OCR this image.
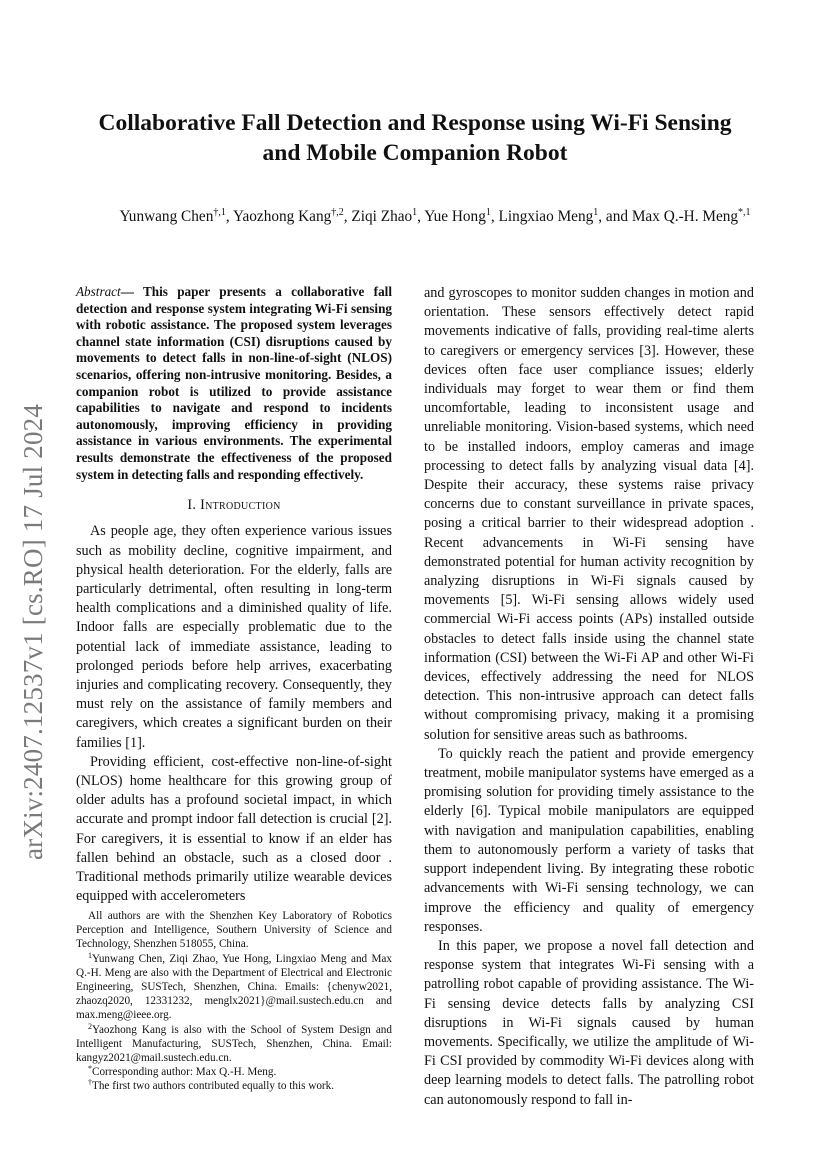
arXiv:2407.12537v1 [cs.RO] 17 Jul 2024
Collaborative Fall Detection and Response using Wi-Fi Sensing
and Mobile Companion Robot
Yunwang Chen$^{\dagger,1}$, Yaozhong Kang$^{\dagger,2}$, Ziqi Zhao$^1$, Yue Hong$^1$, Lingxiao Meng$^1$, and Max Q.-H. Meng$^{*,1}$

Abstract— This paper presents a collaborative fall detection and response system integrating Wi-Fi sensing with robotic assistance. The proposed system leverages channel state information (CSI) disruptions caused by movements to detect falls in non-line-of-sight (NLOS) scenarios, offering non-intrusive monitoring. Besides, a companion robot is utilized to provide assistance capabilities to navigate and respond to incidents autonomously, improving efficiency in providing assistance in various environments. The experimental results demonstrate the effectiveness of the proposed system in detecting falls and responding effectively.

I. Introduction

As people age, they often experience various issues such as mobility decline, cognitive impairment, and physical health deterioration. For the elderly, falls are particularly detrimental, often resulting in long-term health complications and a diminished quality of life. Indoor falls are especially problematic due to the potential lack of immediate assistance, leading to prolonged periods before help arrives, exacerbating injuries and complicating recovery. Consequently, they must rely on the assistance of family members and caregivers, which creates a significant burden on their families [1].

Providing efficient, cost-effective non-line-of-sight (NLOS) home healthcare for this growing group of older adults has a profound societal impact, in which accurate and prompt indoor fall detection is crucial [2]. For caregivers, it is essential to know if an elder has fallen behind an obstacle, such as a closed door . Traditional methods primarily utilize wearable devices equipped with accelerometers

All authors are with the Shenzhen Key Laboratory of Robotics Perception and Intelligence, Southern University of Science and Technology, Shenzhen 518055, China.

$^1$Yunwang Chen, Ziqi Zhao, Yue Hong, Lingxiao Meng and Max Q.-H. Meng are also with the Department of Electrical and Electronic Engineering, SUSTech, Shenzhen, China. Emails: {chenyw2021, zhaozq2020, 12331232, menglx2021}@mail.sustech.edu.cn and max.meng@ieee.org.

$^2$Yaozhong Kang is also with the School of System Design and Intelligent Manufacturing, SUSTech, Shenzhen, China. Email: kangyz2021@mail.sustech.edu.cn.

*Corresponding author: Max Q.-H. Meng.

†The first two authors contributed equally to this work.

and gyroscopes to monitor sudden changes in motion and orientation. These sensors effectively detect rapid movements indicative of falls, providing real-time alerts to caregivers or emergency services [3]. However, these devices often face user compliance issues; elderly individuals may forget to wear them or find them uncomfortable, leading to inconsistent usage and unreliable monitoring. Vision-based systems, which need to be installed indoors, employ cameras and image processing to detect falls by analyzing visual data [4]. Despite their accuracy, these systems raise privacy concerns due to constant surveillance in private spaces, posing a critical barrier to their widespread adoption . Recent advancements in Wi-Fi sensing have demonstrated potential for human activity recognition by analyzing disruptions in Wi-Fi signals caused by movements [5]. Wi-Fi sensing allows widely used commercial Wi-Fi access points (APs) installed outside obstacles to detect falls inside using the channel state information (CSI) between the Wi-Fi AP and other Wi-Fi devices, effectively addressing the need for NLOS detection. This non-intrusive approach can detect falls without compromising privacy, making it a promising solution for sensitive areas such as bathrooms.

To quickly reach the patient and provide emergency treatment, mobile manipulator systems have emerged as a promising solution for providing timely assistance to the elderly [6]. Typical mobile manipulators are equipped with navigation and manipulation capabilities, enabling them to autonomously perform a variety of tasks that support independent living. By integrating these robotic advancements with Wi-Fi sensing technology, we can improve the efficiency and quality of emergency responses.

In this paper, we propose a novel fall detection and response system that integrates Wi-Fi sensing with a patrolling robot capable of providing assistance. The Wi-Fi sensing device detects falls by analyzing CSI disruptions in Wi-Fi signals caused by human movements. Specifically, we utilize the amplitude of Wi-Fi CSI provided by commodity Wi-Fi devices along with deep learning models to detect falls. The patrolling robot can autonomously respond to fall in-
